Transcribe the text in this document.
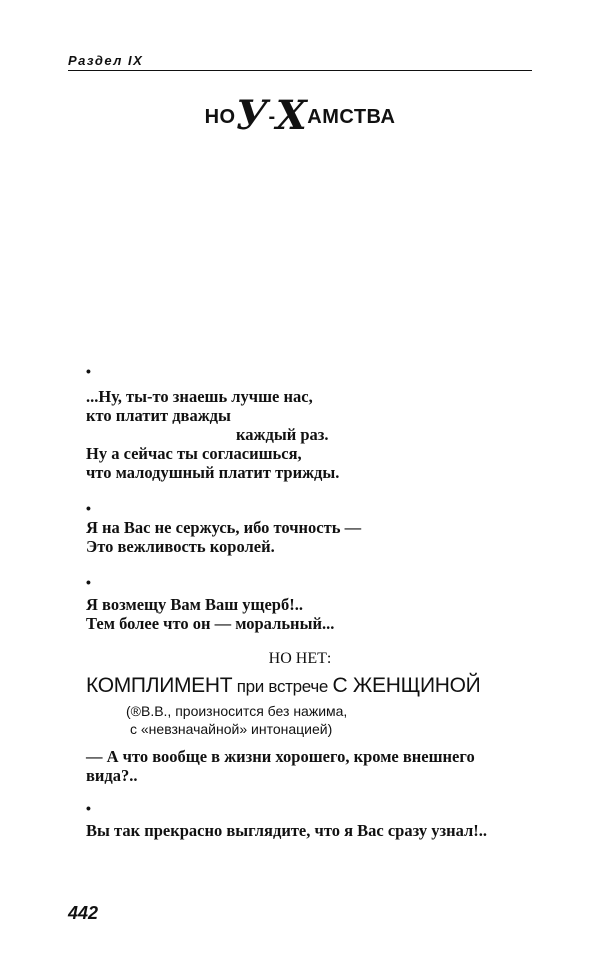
Раздел IX
НОУ-ХАМСТВА
•
...Ну, ты-то знаешь лучше нас,
кто платит дважды
каждый раз.
Ну а сейчас ты согласишься,
что малодушный платит трижды.
•
Я на Вас не сержусь, ибо точность —
Это вежливость королей.
•
Я возмещу Вам Ваш ущерб!..
Тем более что он — моральный...
НО НЕТ:
КОМПЛИМЕНТ при встрече С ЖЕНЩИНОЙ
(®В.В., произносится без нажима,
с «невзначайной» интонацией)
— А что вообще в жизни хорошего, кроме внешнего
вида?..
•
Вы так прекрасно выглядите, что я Вас сразу узнал!..
442
